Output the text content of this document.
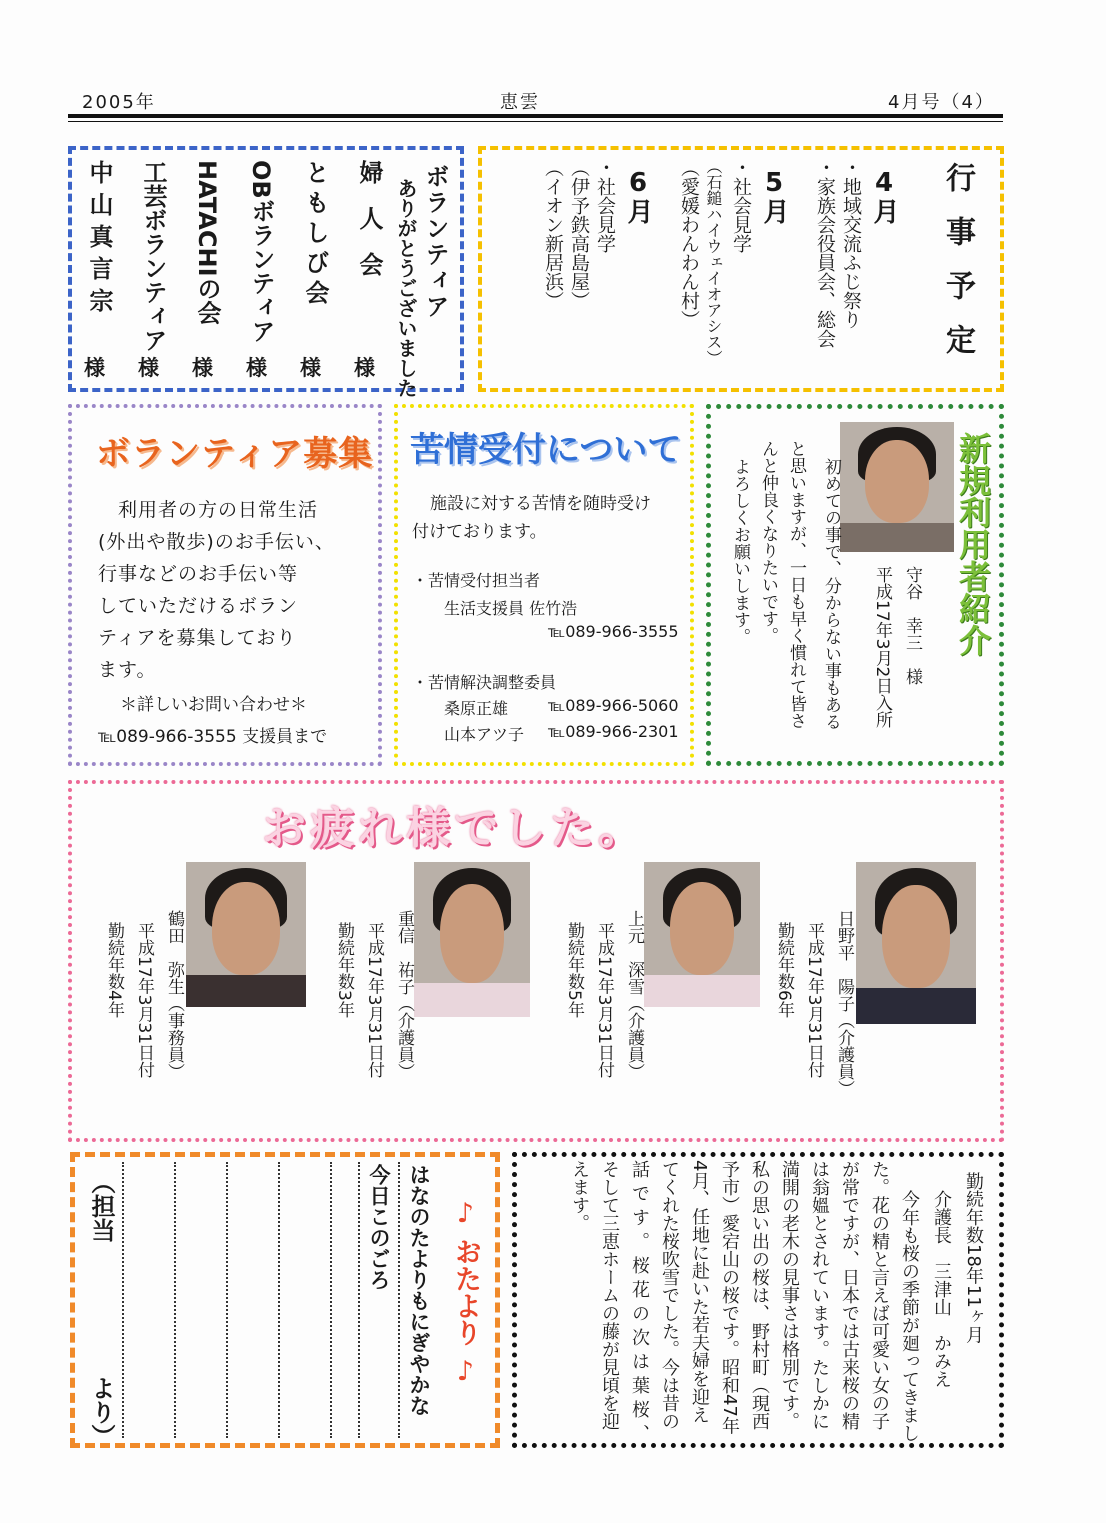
2005年	恵雲	4月号（4）
行事予定
4月
・地域交流ふじ祭り
・家族会役員会、総会
5月
・社会見学
（石鎚ハイウェイオアシス）
（愛媛わんわん村）
6月
・社会見学
（伊予鉄高島屋）
（イオン新居浜）
ボランティア
ありがとうございました
婦人会
ともしび会
OBボランティア
HATACHIの会
工芸ボランティア
中山真言宗
様
様
様
様
様
様
ボランティア募集
利用者の方の日常生活
(外出や散歩)のお手伝い、
行事などのお手伝い等
していただけるボラン
ティアを募集しており
ます。
＊詳しいお問い合わせ＊
℡089-966-3555 支援員まで
苦情受付について
施設に対する苦情を随時受け
付けております。
・苦情受付担当者
生活支援員 佐竹浩
℡089-966-3555
・苦情解決調整委員
桑原正雄 ℡089-966-5060
山本アツ子 ℡089-966-2301
新規利用者紹介
守谷　幸三　様
平成17年3月2日入所
初めての事で、分からない事もある
と思いますが、一日も早く慣れて皆さ
んと仲良くなりたいです。
よろしくお願いします。
お疲れ様でした。
日野平　陽子（介護員）
平成17年3月31日付
勤続年数6年
上元　深雪（介護員）
平成17年3月31日付
勤続年数5年
重信　祐子（介護員）
平成17年3月31日付
勤続年数3年
鶴田　弥生（事務員）
平成17年3月31日付
勤続年数4年
勤続年数18年11ヶ月
　介護長　三津山　かみえ
　今年も桜の季節が廻ってきまし
た。花の精と言えば可愛い女の子
が常ですが、日本では古来桜の精
は翁媼とされています。たしかに
満開の老木の見事さは格別です。
私の思い出の桜は、野村町（現西
予市）愛宕山の桜です。昭和47年
4月、任地に赴いた若夫婦を迎え
てくれた桜吹雪でした。今は昔の
話です。桜花の次は葉桜、
そして三恵ホームの藤が見頃を迎
えます。
♪ おたより ♪
はなのたよりもにぎやかな
今日このごろ
（担当
より）
